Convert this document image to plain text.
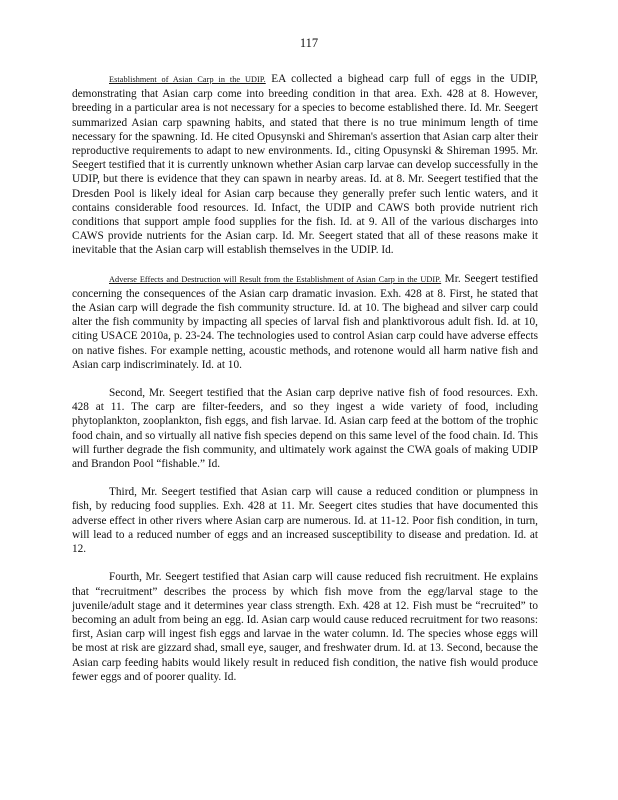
117

Establishment of Asian Carp in the UDIP. EA collected a bighead carp full of eggs in the UDIP, demonstrating that Asian carp come into breeding condition in that area. Exh. 428 at 8. However, breeding in a particular area is not necessary for a species to become established there. Id. Mr. Seegert summarized Asian carp spawning habits, and stated that there is no true minimum length of time necessary for the spawning. Id. He cited Opusynski and Shireman's assertion that Asian carp alter their reproductive requirements to adapt to new environments. Id., citing Opusynski & Shireman 1995. Mr. Seegert testified that it is currently unknown whether Asian carp larvae can develop successfully in the UDIP, but there is evidence that they can spawn in nearby areas. Id. at 8. Mr. Seegert testified that the Dresden Pool is likely ideal for Asian carp because they generally prefer such lentic waters, and it contains considerable food resources. Id. Infact, the UDIP and CAWS both provide nutrient rich conditions that support ample food supplies for the fish. Id. at 9. All of the various discharges into CAWS provide nutrients for the Asian carp. Id. Mr. Seegert stated that all of these reasons make it inevitable that the Asian carp will establish themselves in the UDIP. Id.

Adverse Effects and Destruction will Result from the Establishment of Asian Carp in the UDIP. Mr. Seegert testified concerning the consequences of the Asian carp dramatic invasion. Exh. 428 at 8. First, he stated that the Asian carp will degrade the fish community structure. Id. at 10. The bighead and silver carp could alter the fish community by impacting all species of larval fish and planktivorous adult fish. Id. at 10, citing USACE 2010a, p. 23-24. The technologies used to control Asian carp could have adverse effects on native fishes. For example netting, acoustic methods, and rotenone would all harm native fish and Asian carp indiscriminately. Id. at 10.

Second, Mr. Seegert testified that the Asian carp deprive native fish of food resources. Exh. 428 at 11. The carp are filter-feeders, and so they ingest a wide variety of food, including phytoplankton, zooplankton, fish eggs, and fish larvae. Id. Asian carp feed at the bottom of the trophic food chain, and so virtually all native fish species depend on this same level of the food chain. Id. This will further degrade the fish community, and ultimately work against the CWA goals of making UDIP and Brandon Pool “fishable.” Id.

Third, Mr. Seegert testified that Asian carp will cause a reduced condition or plumpness in fish, by reducing food supplies. Exh. 428 at 11. Mr. Seegert cites studies that have documented this adverse effect in other rivers where Asian carp are numerous. Id. at 11-12. Poor fish condition, in turn, will lead to a reduced number of eggs and an increased susceptibility to disease and predation. Id. at 12.

Fourth, Mr. Seegert testified that Asian carp will cause reduced fish recruitment. He explains that “recruitment” describes the process by which fish move from the egg/larval stage to the juvenile/adult stage and it determines year class strength. Exh. 428 at 12. Fish must be “recruited” to becoming an adult from being an egg. Id. Asian carp would cause reduced recruitment for two reasons: first, Asian carp will ingest fish eggs and larvae in the water column. Id. The species whose eggs will be most at risk are gizzard shad, small eye, sauger, and freshwater drum. Id. at 13. Second, because the Asian carp feeding habits would likely result in reduced fish condition, the native fish would produce fewer eggs and of poorer quality. Id.
